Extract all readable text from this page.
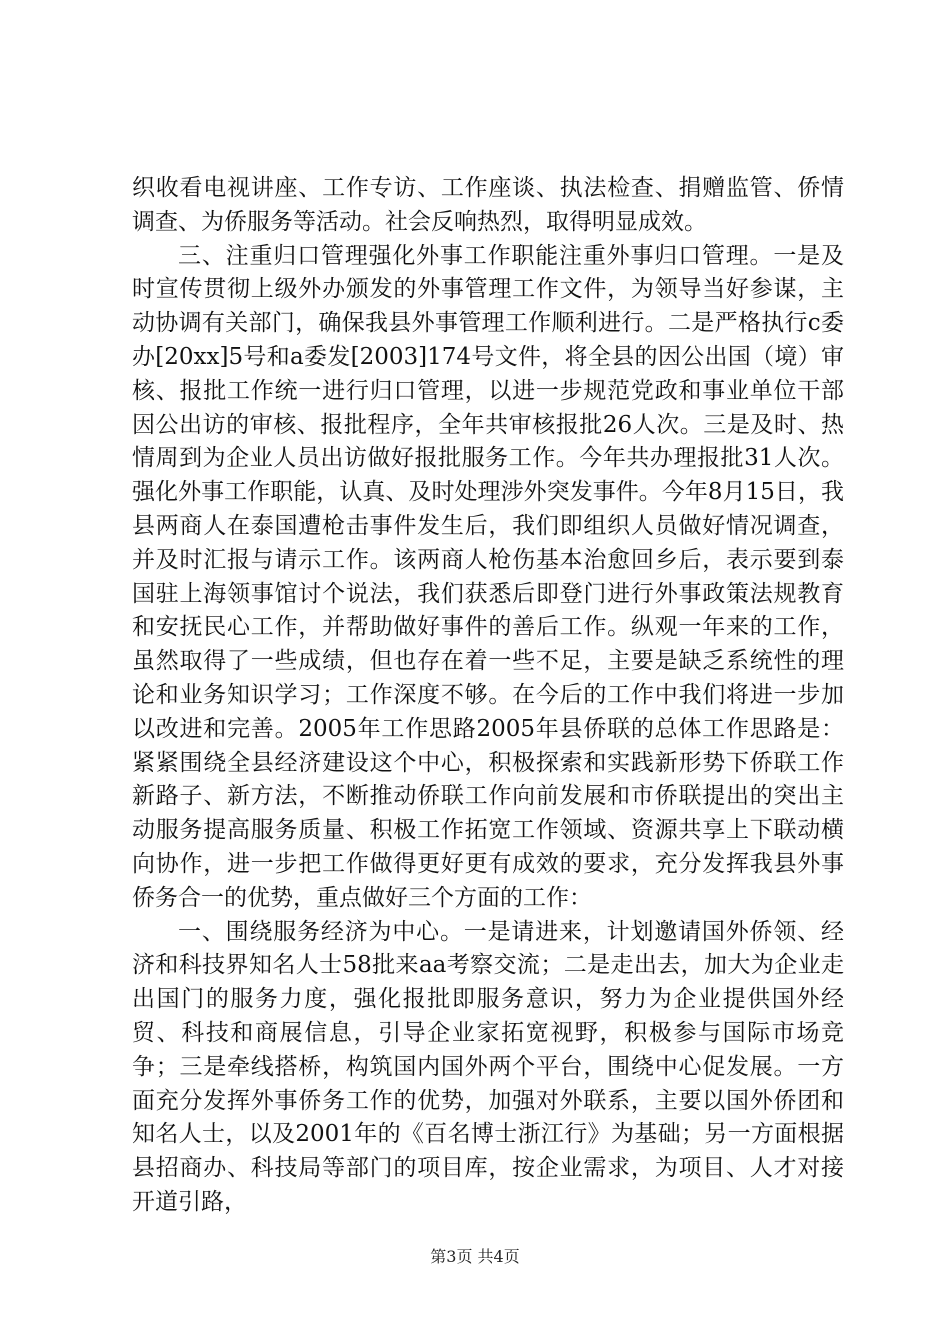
织收看电视讲座、工作专访、工作座谈、执法检查、捐赠监管、侨情调查、为侨服务等活动。社会反响热烈，取得明显成效。

三、注重归口管理强化外事工作职能注重外事归口管理。一是及时宣传贯彻上级外办颁发的外事管理工作文件，为领导当好参谋，主动协调有关部门，确保我县外事管理工作顺利进行。二是严格执行c委办[20xx]5号和a委发[2003]174号文件，将全县的因公出国（境）审核、报批工作统一进行归口管理，以进一步规范党政和事业单位干部因公出访的审核、报批程序，全年共审核报批26人次。三是及时、热情周到为企业人员出访做好报批服务工作。今年共办理报批31人次。强化外事工作职能，认真、及时处理涉外突发事件。今年8月15日，我县两商人在泰国遭枪击事件发生后，我们即组织人员做好情况调查，并及时汇报与请示工作。该两商人枪伤基本治愈回乡后，表示要到泰国驻上海领事馆讨个说法，我们获悉后即登门进行外事政策法规教育和安抚民心工作，并帮助做好事件的善后工作。纵观一年来的工作，虽然取得了一些成绩，但也存在着一些不足，主要是缺乏系统性的理论和业务知识学习；工作深度不够。在今后的工作中我们将进一步加以改进和完善。2005年工作思路2005年县侨联的总体工作思路是：紧紧围绕全县经济建设这个中心，积极探索和实践新形势下侨联工作新路子、新方法，不断推动侨联工作向前发展和市侨联提出的突出主动服务提高服务质量、积极工作拓宽工作领域、资源共享上下联动横向协作，进一步把工作做得更好更有成效的要求，充分发挥我县外事侨务合一的优势，重点做好三个方面的工作：

一、围绕服务经济为中心。一是请进来，计划邀请国外侨领、经济和科技界知名人士58批来aa考察交流；二是走出去，加大为企业走出国门的服务力度，强化报批即服务意识，努力为企业提供国外经贸、科技和商展信息，引导企业家拓宽视野，积极参与国际市场竞争；三是牵线搭桥，构筑国内国外两个平台，围绕中心促发展。一方面充分发挥外事侨务工作的优势，加强对外联系，主要以国外侨团和知名人士，以及2001年的《百名博士浙江行》为基础；另一方面根据县招商办、科技局等部门的项目库，按企业需求，为项目、人才对接开道引路，

第3页 共4页
